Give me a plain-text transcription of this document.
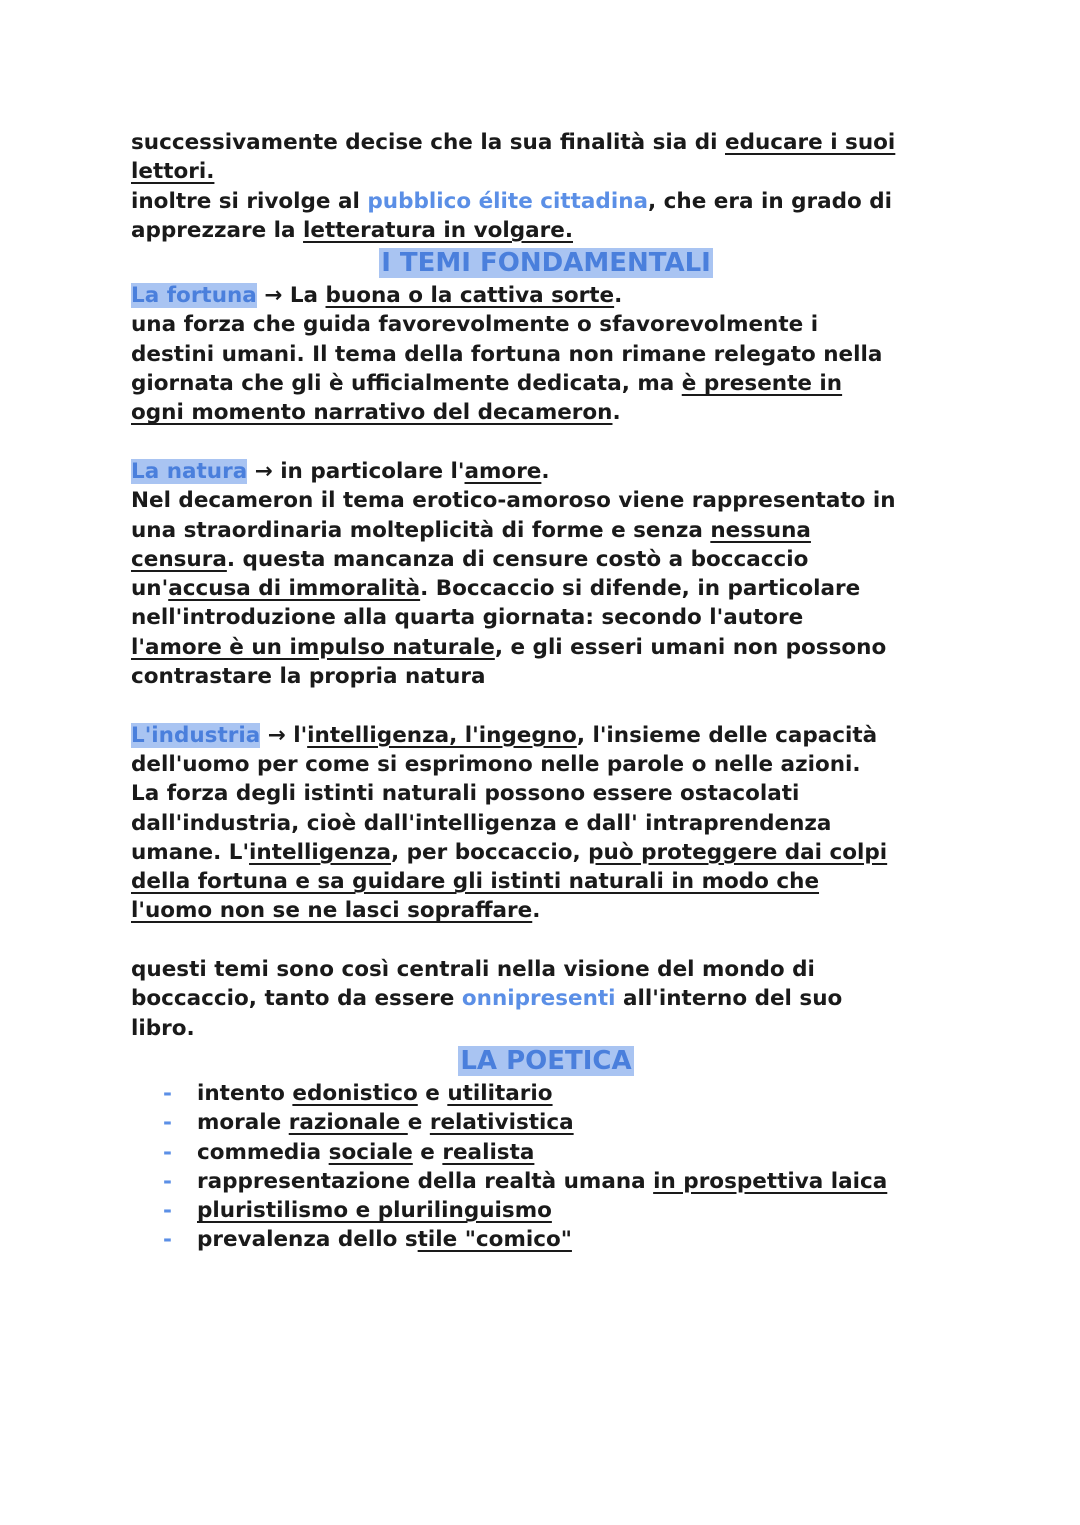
successivamente decise che la sua finalità sia di educare i suoi
lettori.
inoltre si rivolge al pubblico élite cittadina, che era in grado di
apprezzare la letteratura in volgare.
I TEMI FONDAMENTALI
La fortuna → La buona o la cattiva sorte.
una forza che guida favorevolmente o sfavorevolmente i
destini umani. Il tema della fortuna non rimane relegato nella
giornata che gli è ufficialmente dedicata, ma è presente in
ogni momento narrativo del decameron.
La natura → in particolare l'amore.
Nel decameron il tema erotico-amoroso viene rappresentato in
una straordinaria molteplicità di forme e senza nessuna
censura. questa mancanza di censure costò a boccaccio
un'accusa di immoralità. Boccaccio si difende, in particolare
nell'introduzione alla quarta giornata: secondo l'autore
l'amore è un impulso naturale, e gli esseri umani non possono
contrastare la propria natura
L'industria → l'intelligenza, l'ingegno, l'insieme delle capacità
dell'uomo per come si esprimono nelle parole o nelle azioni.
La forza degli istinti naturali possono essere ostacolati
dall'industria, cioè dall'intelligenza e dall' intraprendenza
umane. L'intelligenza, per boccaccio, può proteggere dai colpi
della fortuna e sa guidare gli istinti naturali in modo che
l'uomo non se ne lasci sopraffare.
questi temi sono così centrali nella visione del mondo di
boccaccio, tanto da essere onnipresenti all'interno del suo
libro.
LA POETICA
- intento edonistico e utilitario
- morale razionale e relativistica
- commedia sociale e realista
- rappresentazione della realtà umana in prospettiva laica
- pluristilismo e plurilinguismo
- prevalenza dello stile "comico"
